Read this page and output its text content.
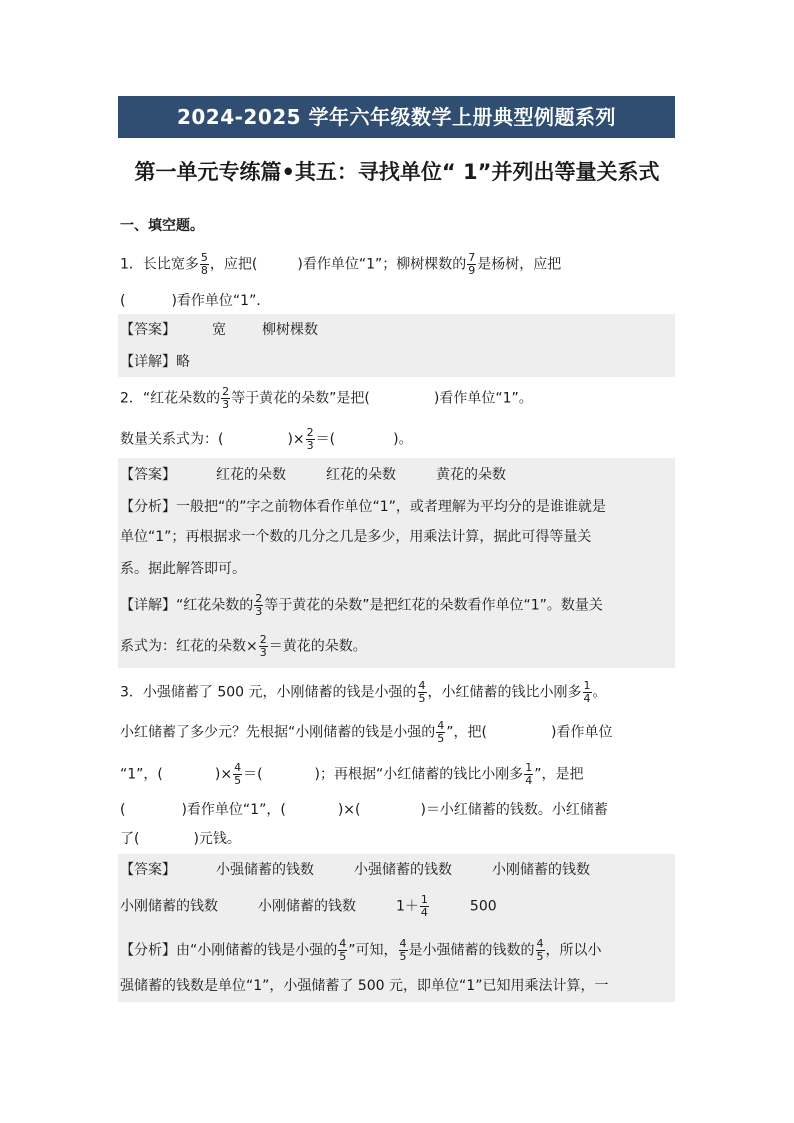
2024-2025 学年六年级数学上册典型例题系列
第一单元专练篇•其五：寻找单位“ 1”并列出等量关系式
一、填空题。
1．长比宽多 $\frac{5}{8}$ ，应把(	)看作单位“1”；柳树棵数的 $\frac{7}{9}$ 是杨树，应把
(	)看作单位“1”．
【答案】	宽	柳树棵数
【详解】略
2．“红花朵数的 $\frac{2}{3}$ 等于黄花的朵数”是把(	)看作单位“1”。
数量关系式为：(	)× $\frac{2}{3}$ ＝(	)。
【答案】	红花的朵数	红花的朵数	黄花的朵数
【分析】一般把“的”字之前物体看作单位“1”，或者理解为平均分的是谁谁就是
单位“1”；再根据求一个数的几分之几是多少，用乘法计算，据此可得等量关
系。据此解答即可。
【详解】“红花朵数的 $\frac{2}{3}$ 等于黄花的朵数”是把红花的朵数看作单位“1”。数量关
系式为：红花的朵数× $\frac{2}{3}$ ＝黄花的朵数。
3．小强储蓄了 500 元，小刚储蓄的钱是小强的 $\frac{4}{5}$ ，小红储蓄的钱比小刚多 $\frac{1}{4}$ 。
小红储蓄了多少元？先根据“小刚储蓄的钱是小强的 $\frac{4}{5}$ ”，把(	)看作单位
“1”，(	)× $\frac{4}{5}$ ＝(	)；再根据“小红储蓄的钱比小刚多 $\frac{1}{4}$ ”，是把
(	)看作单位“1”，(	)×(	)＝小红储蓄的钱数。小红储蓄
了(	)元钱。
【答案】	小强储蓄的钱数	小强储蓄的钱数	小刚储蓄的钱数
小刚储蓄的钱数	小刚储蓄的钱数	$1+ \frac{1}{4}$	500
【分析】由“小刚储蓄的钱是小强的 $\frac{4}{5}$ ”可知， $\frac{4}{5}$ 是小强储蓄的钱数的 $\frac{4}{5}$ ，所以小
强储蓄的钱数是单位“1”，小强储蓄了 500 元，即单位“1”已知用乘法计算，一
